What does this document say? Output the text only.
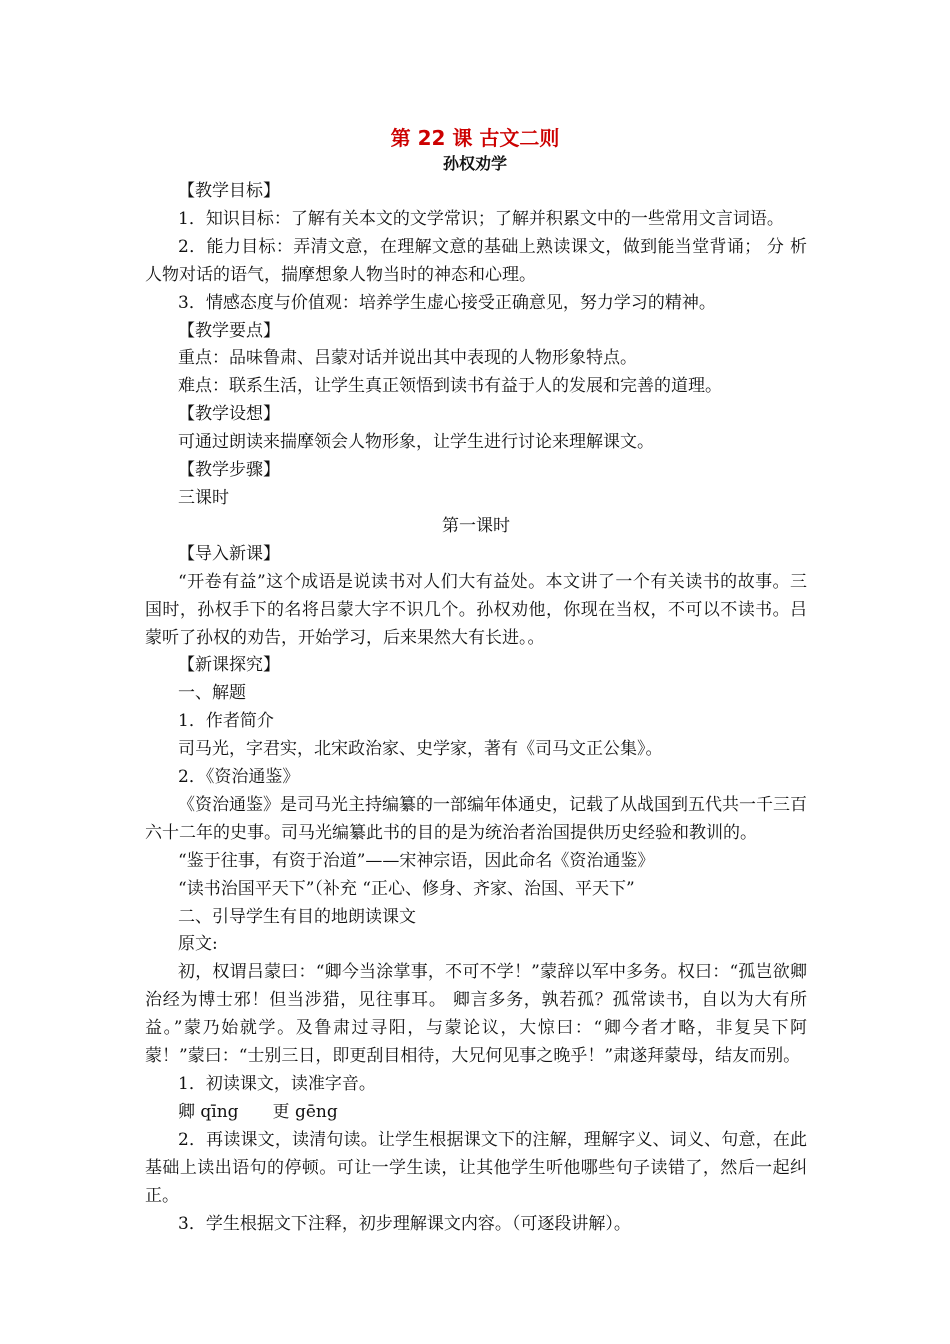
第 22 课 古文二则
孙权劝学

【教学目标】

1．知识目标：了解有关本文的文学常识；了解并积累文中的一些常用文言词语。

2．能力目标：弄清文意，在理解文意的基础上熟读课文，做到能当堂背诵； 分 析 人物对话的语气，揣摩想象人物当时的神态和心理。

3．情感态度与价值观：培养学生虚心接受正确意见，努力学习的精神。

【教学要点】

重点：品味鲁肃、吕蒙对话并说出其中表现的人物形象特点。

难点：联系生活，让学生真正领悟到读书有益于人的发展和完善的道理。

【教学设想】

可通过朗读来揣摩领会人物形象，让学生进行讨论来理解课文。

【教学步骤】

三课时

第一课时

【导入新课】

“开卷有益”这个成语是说读书对人们大有益处。本文讲了一个有关读书的故事。三国时，孙权手下的名将吕蒙大字不识几个。孙权劝他，你现在当权，不可以不读书。吕蒙听了孙权的劝告，开始学习，后来果然大有长进。。

【新课探究】

一、解题

1．作者简介

司马光，字君实，北宋政治家、史学家，著有《司马文正公集》。

2．《资治通鉴》

《资治通鉴》是司马光主持编纂的一部编年体通史，记载了从战国到五代共一千三百六十二年的史事。司马光编纂此书的目的是为统治者治国提供历史经验和教训的。

“鉴于往事，有资于治道”——宋神宗语，因此命名《资治通鉴》

“读书治国平天下”（补充 “正心、修身、齐家、治国、平天下”

二、引导学生有目的地朗读课文

原文:

初，权谓吕蒙曰：“卿今当涂掌事，不可不学！”蒙辞以军中多务。权曰：“孤岂欲卿治经为博士邪！但当涉猎，见往事耳。 卿言多务，孰若孤？孤常读书，自以为大有所益。”蒙乃始就学。及鲁肃过寻阳，与蒙论议，大惊曰：“卿今者才略，非复吴下阿蒙！”蒙曰：“士别三日，即更刮目相待，大兄何见事之晚乎！”肃遂拜蒙母，结友而别。

1．初读课文，读准字音。

卿 qīng　　更 gēng

2．再读课文，读清句读。让学生根据课文下的注解，理解字义、词义、句意，在此基础上读出语句的停顿。可让一学生读，让其他学生听他哪些句子读错了，然后一起纠正。

3．学生根据文下注释，初步理解课文内容。（可逐段讲解）。
